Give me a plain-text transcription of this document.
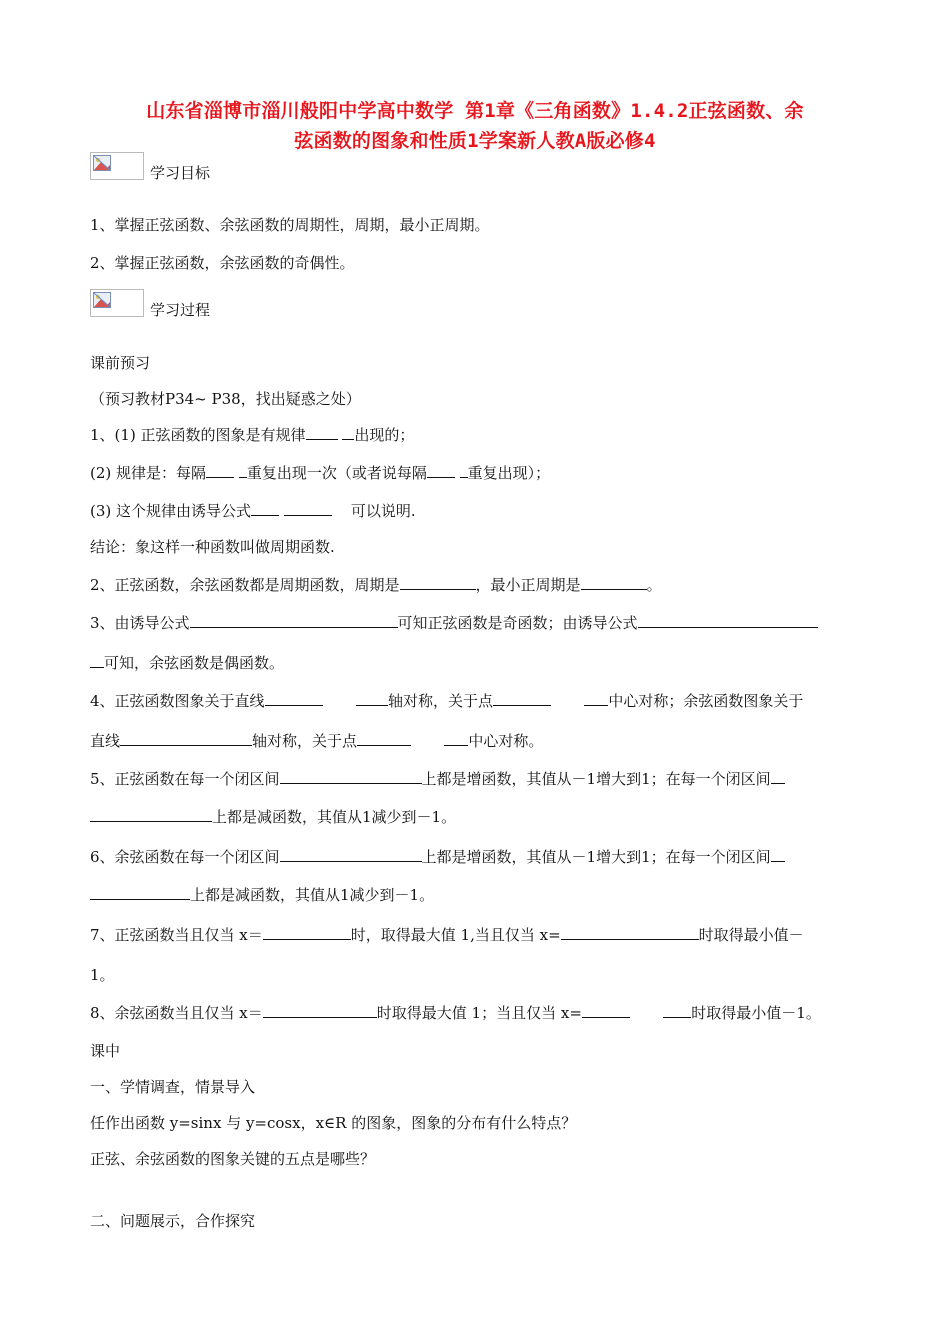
山东省淄博市淄川般阳中学高中数学 第1章《三角函数》1.4.2正弦函数、余
弦函数的图象和性质1学案新人教A版必修4
学习目标
1、掌握正弦函数、余弦函数的周期性，周期，最小正周期。
2、掌握正弦函数，余弦函数的奇偶性。
学习过程
课前预习
（预习教材P34~ P38，找出疑惑之处）
1、(1) 正弦函数的图象是有规律	出现的；
(2) 规律是：每隔	重复出现一次（或者说每隔	重复出现）；
(3) 这个规律由诱导公式	可以说明.
结论：象这样一种函数叫做周期函数.
2、正弦函数，余弦函数都是周期函数，周期是	，最小正周期是	。
3、由诱导公式	可知正弦函数是奇函数；由诱导公式
可知，余弦函数是偶函数。
4、正弦函数图象关于直线	轴对称，关于点	中心对称；余弦函数图象关于
直线	轴对称，关于点	中心对称。
5、正弦函数在每一个闭区间	上都是增函数，其值从－1增大到1；在每一个闭区间
上都是减函数，其值从1减少到－1。
6、余弦函数在每一个闭区间	上都是增函数，其值从－1增大到1；在每一个闭区间
上都是减函数，其值从1减少到－1。
7、正弦函数当且仅当 x＝	时，取得最大值 1,当且仅当 x=	时取得最小值－
1。
8、余弦函数当且仅当 x＝	时取得最大值 1；当且仅当 x=	时取得最小值－1。
课中
一、学情调查，情景导入
任作出函数 y=sinx 与 y=cosx，x∈R 的图象，图象的分布有什么特点？
正弦、余弦函数的图象关键的五点是哪些？
二、问题展示，合作探究
